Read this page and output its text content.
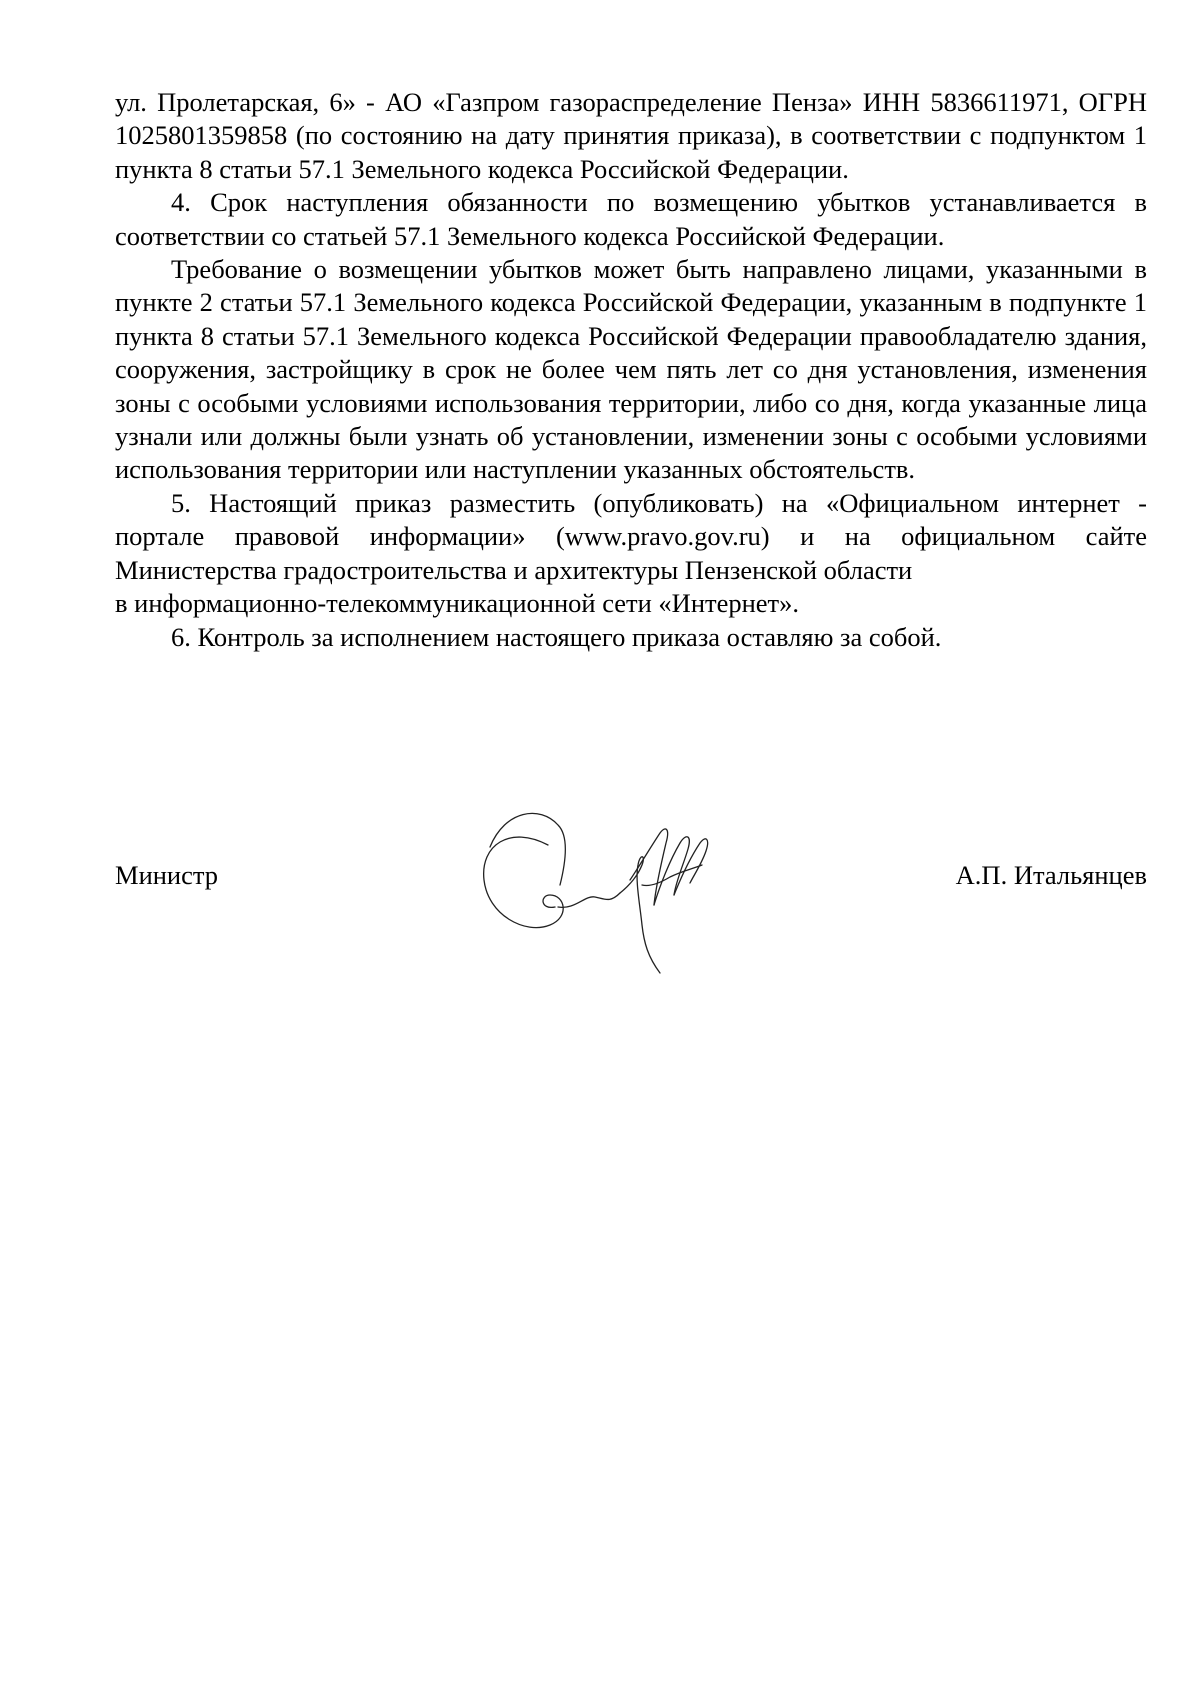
ул. Пролетарская, 6» - АО «Газпром газораспределение Пенза» ИНН 5836611971, ОГРН 1025801359858 (по состоянию на дату принятия приказа), в соответствии с подпунктом 1 пункта 8 статьи 57.1 Земельного кодекса Российской Федерации.

4. Срок наступления обязанности по возмещению убытков устанавливается в соответствии со статьей 57.1 Земельного кодекса Российской Федерации.

Требование о возмещении убытков может быть направлено лицами, указанными в пункте 2 статьи 57.1 Земельного кодекса Российской Федерации, указанным в подпункте 1 пункта 8 статьи 57.1 Земельного кодекса Российской Федерации правообладателю здания, сооружения, застройщику в срок не более чем пять лет со дня установления, изменения зоны с особыми условиями использования территории, либо со дня, когда указанные лица узнали или должны были узнать об установлении, изменении зоны с особыми условиями использования территории или наступлении указанных обстоятельств.

5. Настоящий приказ разместить (опубликовать) на «Официальном интернет - портале правовой информации» (www.pravo.gov.ru) и на официальном сайте Министерства градостроительства и архитектуры Пензенской области

в информационно-телекоммуникационной сети «Интернет».

6. Контроль за исполнением настоящего приказа оставляю за собой.

Министр	А.П. Итальянцев
